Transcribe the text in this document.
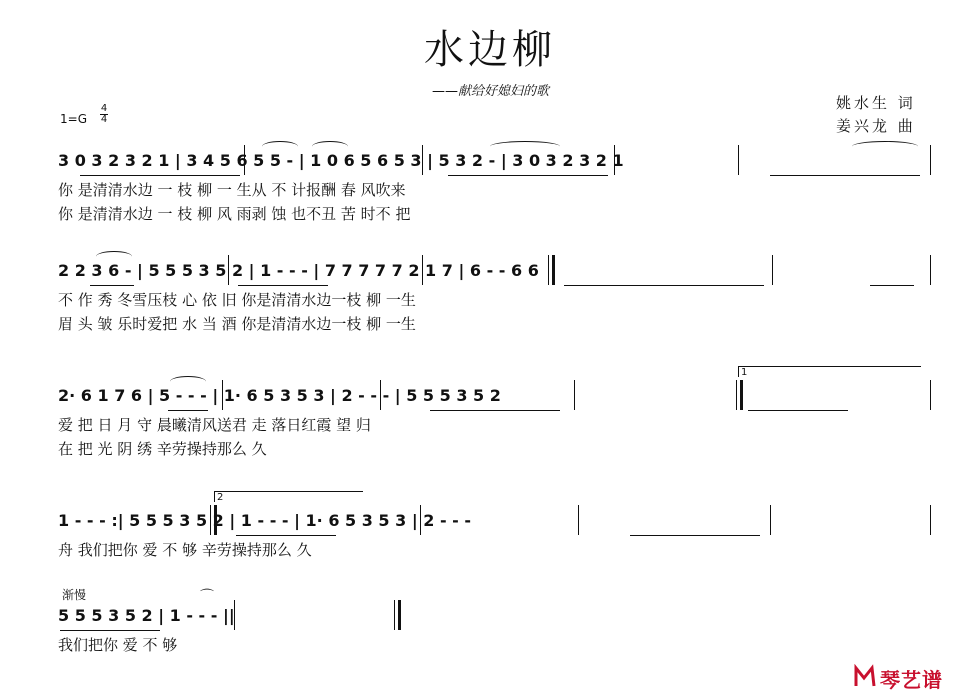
水边柳
——献给好媳妇的歌
姚水生 词
姜兴龙 曲
1=G
4
4
3 0 3 2 3 2 1 | 3 4 5 6 5 5 - | 1 0 6 5 6 5 3 | 5 3 2 - | 3 0 3 2 3 2 1
你 是清清水边 一 枝 柳 一 生从 不 计报酬 春 风吹来
你 是清清水边 一 枝 柳 风 雨剥 蚀 也不丑 苦 时不 把
2 2 3 6 - | 5 5 5 3 5 2 | 1 - - - | 7 7 7 7 7 2 1 7 | 6 - - 6 6
不 作 秀 冬雪压枝 心 依 旧 你是清清水边一枝 柳 一生
眉 头 皱 乐时爱把 水 当 酒 你是清清水边一枝 柳 一生
1
2· 6 1 7 6 | 5 - - - | 1· 6 5 3 5 3 | 2 - - - | 5 5 5 3 5 2
爱 把 日 月 守 晨曦清风送君 走 落日红霞 望 归
在 把 光 阴 绣 辛劳操持那么 久
2
1 - - - :| 5 5 5 3 5 2 | 1 - - - | 1· 6 5 3 5 3 | 2 - - -
舟 我们把你 爱 不 够 辛劳操持那么 久
渐慢	⌒
5 5 5 3 5 2 | 1 - - - ||
我们把你 爱 不 够
琴艺谱
